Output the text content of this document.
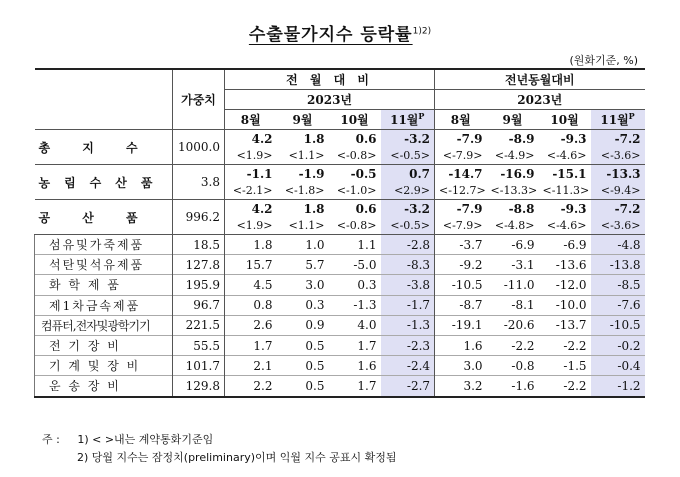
수출물가지수 등락률$^{1)2)}$
(원화기준, %)
	가중치	전 월 대 비				전년동월대비			
		2023년				2023년			
		8월	9월	10월	11월$^P$	8월	9월	10월	11월$^P$
총 지 수	1000.0	4.2	1.8	0.6	-3.2	-7.9	-8.9	-9.3	-7.2
		<1.9>	<1.1>	<-0.8>	<-0.5>	<-7.9>	<-4.9>	<-4.6>	<-3.6>
농림수산품	3.8	-1.1	-1.9	-0.5	0.7	-14.7	-16.9	-15.1	-13.3
		<-2.1>	<-1.8>	<-1.0>	<2.9>	<-12.7>	<-13.3>	<-11.3>	<-9.4>
공 산 품	996.2	4.2	1.8	0.6	-3.2	-7.9	-8.8	-9.3	-7.2
		<1.9>	<1.1>	<-0.8>	<-0.5>	<-7.9>	<-4.8>	<-4.6>	<-3.6>
섬유및가죽제품	18.5	1.8	1.0	1.1	-2.8	-3.7	-6.9	-6.9	-4.8
석탄및석유제품	127.8	15.7	5.7	-5.0	-8.3	-9.2	-3.1	-13.6	-13.8
화 학 제 품	195.9	4.5	3.0	0.3	-3.8	-10.5	-11.0	-12.0	-8.5
제1차금속제품	96.7	0.8	0.3	-1.3	-1.7	-8.7	-8.1	-10.0	-7.6
컴퓨터,전자및광학기기	221.5	2.6	0.9	4.0	-1.3	-19.1	-20.6	-13.7	-10.5
전 기 장 비	55.5	1.7	0.5	1.7	-2.3	1.6	-2.2	-2.2	-0.2
기 계 및 장 비	101.7	2.1	0.5	1.6	-2.4	3.0	-0.8	-1.5	-0.4
운 송 장 비	129.8	2.2	0.5	1.7	-2.7	3.2	-1.6	-2.2	-1.2
주 : 1) < >내는 계약통화기준임
2) 당월 지수는 잠정치(preliminary)이며 익월 지수 공표시 확정됨
